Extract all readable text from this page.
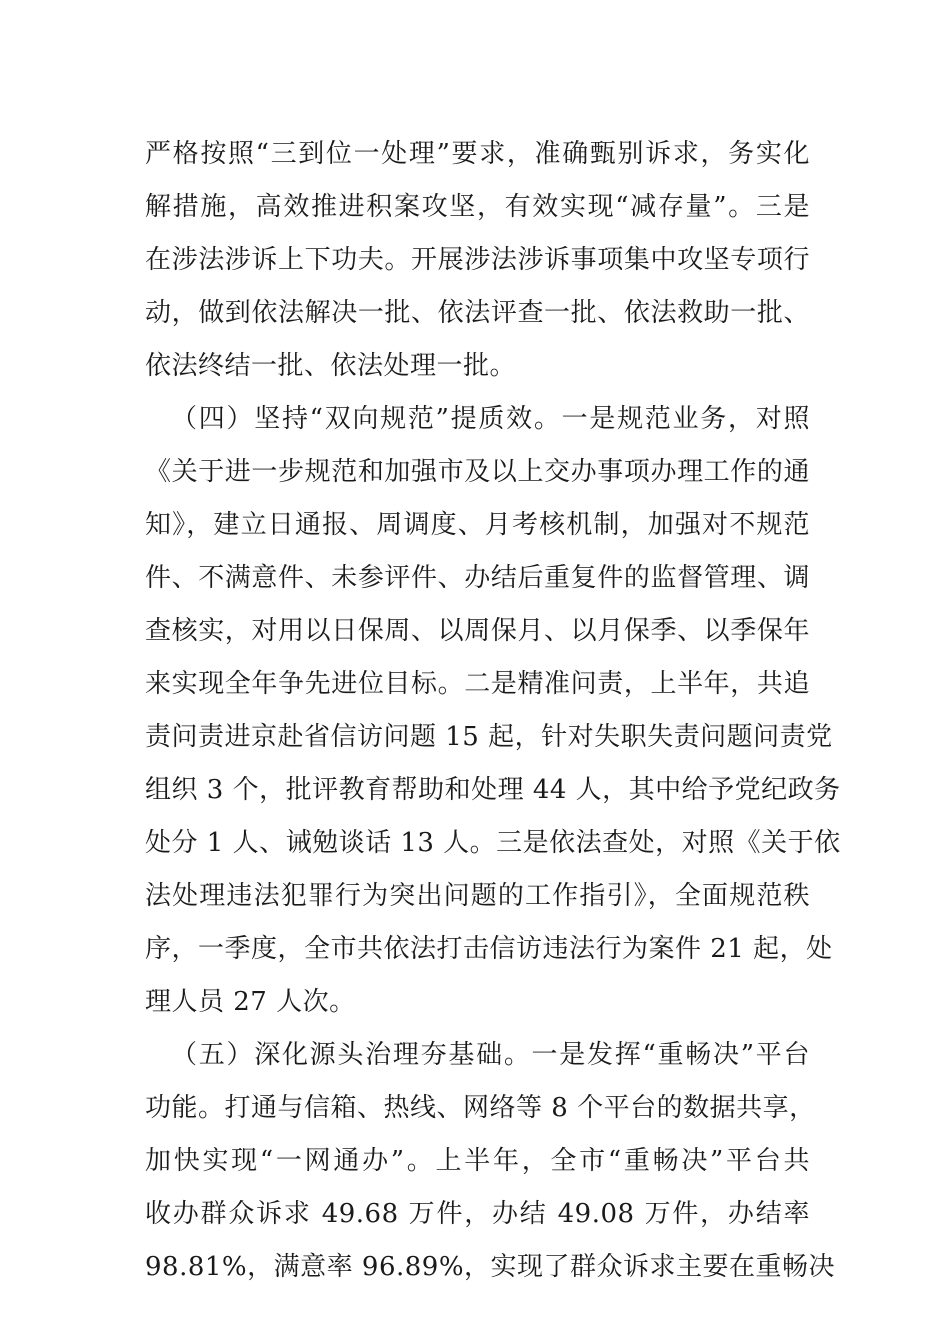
严格按照“三到位一处理”要求，准确甄别诉求，务实化
解措施，高效推进积案攻坚，有效实现“减存量”。三是
在涉法涉诉上下功夫。开展涉法涉诉事项集中攻坚专项行
动，做到依法解决一批、依法评查一批、依法救助一批、
依法终结一批、依法处理一批。
（四）坚持“双向规范”提质效。一是规范业务，对照
《关于进一步规范和加强市及以上交办事项办理工作的通
知》，建立日通报、周调度、月考核机制，加强对不规范
件、不满意件、未参评件、办结后重复件的监督管理、调
查核实，对用以日保周、以周保月、以月保季、以季保年
来实现全年争先进位目标。二是精准问责，上半年，共追
责问责进京赴省信访问题 15 起，针对失职失责问题问责党
组织 3 个，批评教育帮助和处理 44 人，其中给予党纪政务
处分 1 人、诫勉谈话 13 人。三是依法查处，对照《关于依
法处理违法犯罪行为突出问题的工作指引》，全面规范秩
序，一季度，全市共依法打击信访违法行为案件 21 起，处
理人员 27 人次。
（五）深化源头治理夯基础。一是发挥“重畅决”平台
功能。打通与信箱、热线、网络等 8 个平台的数据共享，
加快实现“一网通办”。上半年，全市“重畅决”平台共
收办群众诉求 49.68 万件，办结 49.08 万件，办结率
98.81%，满意率 96.89%，实现了群众诉求主要在重畅决
